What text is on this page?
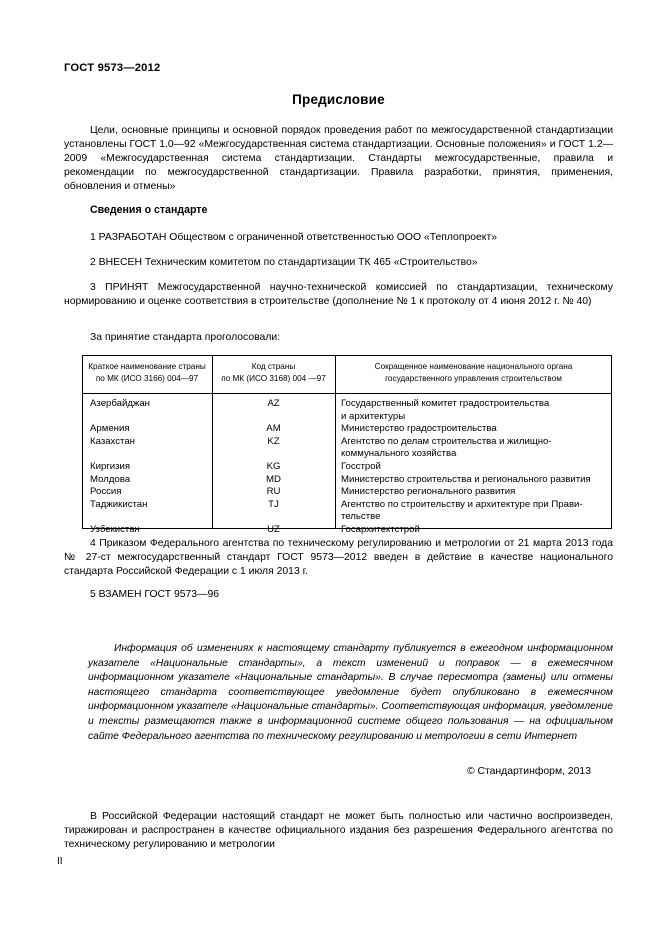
ГОСТ 9573—2012
Предисловие

Цели, основные принципы и основной порядок проведения работ по межгосударственной стандартизации установлены ГОСТ 1.0—92 «Межгосударственная система стандартизации. Основные положения» и ГОСТ 1.2—2009 «Межгосударственная система стандартизации. Стандарты межгосударственные, правила и рекомендации по межгосударственной стандартизации. Правила разработки, принятия, применения, обновления и отмены»

Сведения о стандарте

1 РАЗРАБОТАН Обществом с ограниченной ответственностью ООО «Теплопроект»

2 ВНЕСЕН Техническим комитетом по стандартизации ТК 465 «Строительство»

3 ПРИНЯТ Межгосударственной научно-технической комиссией по стандартизации, техническому нормированию и оценке соответствия в строительстве (дополнение № 1 к протоколу от 4 июня 2012 г. № 40)

За принятие стандарта проголосовали:

Краткое наименование страны
по МК (ИСО 3166) 004—97
Код страны
по МК (ИСО 3168) 004 —97
Сокращенное наименование национального органа
государственного управления строительством
Азербайджан
Армения
Казахстан
Киргизия
Молдова
Россия
Таджикистан
Узбекистан
AZ
AM
KZ
KG
MD
RU
TJ
UZ
Государственный комитет градостроительства
и архитектуры
Министерство градостроительства
Агентство по делам строительства и жилищно-
коммунального хозяйства
Госстрой
Министерство строительства и регионального развития
Министерство регионального развития
Агентство по строительству и архитектуре при Прави-
тельстве
Госархитектстрой

4 Приказом Федерального агентства по техническому регулированию и метрологии от 21 марта 2013 года № 27-ст межгосударственный стандарт ГОСТ 9573—2012 введен в действие в качестве национального стандарта Российской Федерации с 1 июля 2013 г.

5 ВЗАМЕН ГОСТ 9573—96

Информация об изменениях к настоящему стандарту публикуется в ежегодном информационном указателе «Национальные стандарты», а текст изменений и поправок — в ежемесячном информационном указателе «Национальные стандарты». В случае пересмотра (замены) или отмены настоящего стандарта соответствующее уведомление будет опубликовано в ежемесячном информационном указателе «Национальные стандарты». Соответствующая информация, уведомление и тексты размещаются также в информационной системе общего пользования — на официальном сайте Федерального агентства по техническому регулированию и метрологии в сети Интернет

© Стандартинформ, 2013

В Российской Федерации настоящий стандарт не может быть полностью или частично воспроизведен, тиражирован и распространен в качестве официального издания без разрешения Федерального агентства по техническому регулированию и метрологии

II
